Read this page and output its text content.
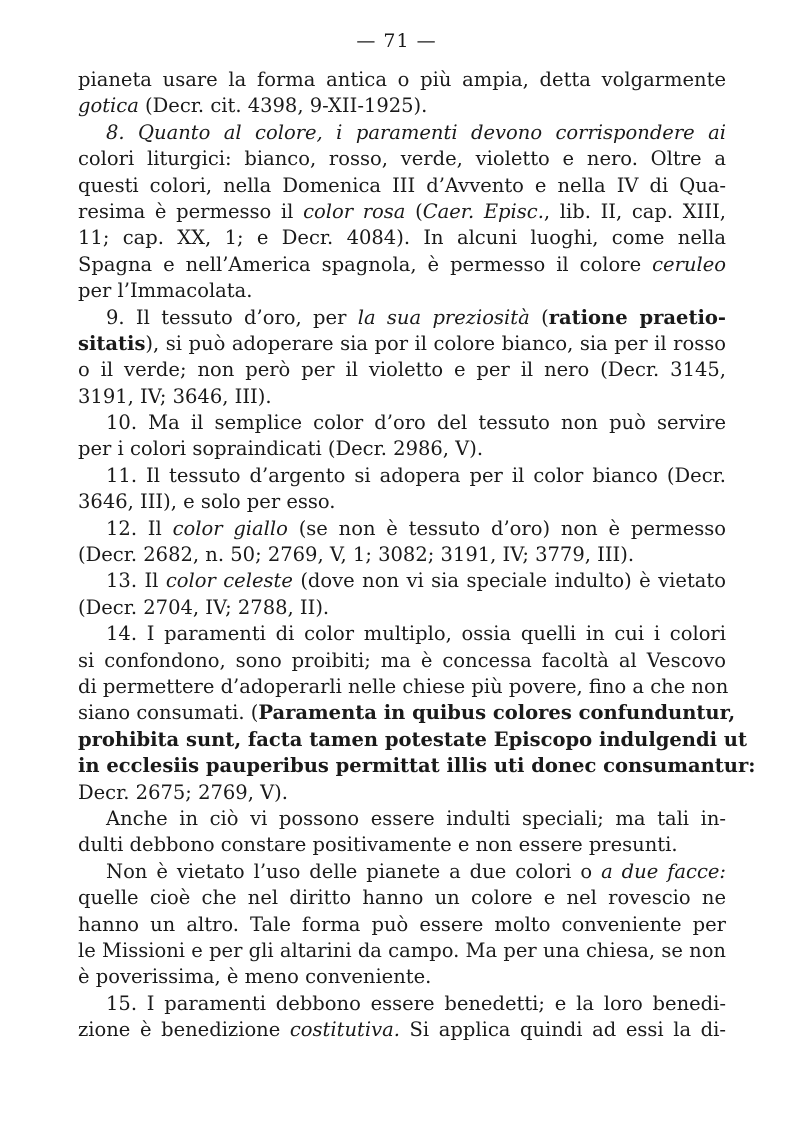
— 71 —
pianeta usare la forma antica o più ampia, detta volgarmente
gotica (Decr. cit. 4398, 9-XII-1925).
8. Quanto al colore, i paramenti devono corrispondere ai
colori liturgici: bianco, rosso, verde, violetto e nero. Oltre a
questi colori, nella Domenica III d’Avvento e nella IV di Qua-
resima è permesso il color rosa (Caer. Episc., lib. II, cap. XIII,
11; cap. XX, 1; e Decr. 4084). In alcuni luoghi, come nella
Spagna e nell’America spagnola, è permesso il colore ceruleo
per l’Immacolata.
9. Il tessuto d’oro, per la sua preziosità (ratione praetio-
sitatis), si può adoperare sia por il colore bianco, sia per il rosso
o il verde; non però per il violetto e per il nero (Decr. 3145,
3191, IV; 3646, III).
10. Ma il semplice color d’oro del tessuto non può servire
per i colori sopraindicati (Decr. 2986, V).
11. Il tessuto d’argento si adopera per il color bianco (Decr.
3646, III), e solo per esso.
12. Il color giallo (se non è tessuto d’oro) non è permesso
(Decr. 2682, n. 50; 2769, V, 1; 3082; 3191, IV; 3779, III).
13. Il color celeste (dove non vi sia speciale indulto) è vietato
(Decr. 2704, IV; 2788, II).
14. I paramenti di color multiplo, ossia quelli in cui i colori
si confondono, sono proibiti; ma è concessa facoltà al Vescovo
di permettere d’adoperarli nelle chiese più povere, fino a che non
siano consumati. (Paramenta in quibus colores confunduntur,
prohibita sunt, facta tamen potestate Episcopo indulgendi ut
in ecclesiis pauperibus permittat illis uti donec consumantur:
Decr. 2675; 2769, V).
Anche in ciò vi possono essere indulti speciali; ma tali in-
dulti debbono constare positivamente e non essere presunti.
Non è vietato l’uso delle pianete a due colori o a due facce:
quelle cioè che nel diritto hanno un colore e nel rovescio ne
hanno un altro. Tale forma può essere molto conveniente per
le Missioni e per gli altarini da campo. Ma per una chiesa, se non
è poverissima, è meno conveniente.
15. I paramenti debbono essere benedetti; e la loro benedi-
zione è benedizione costitutiva. Si applica quindi ad essi la di-
